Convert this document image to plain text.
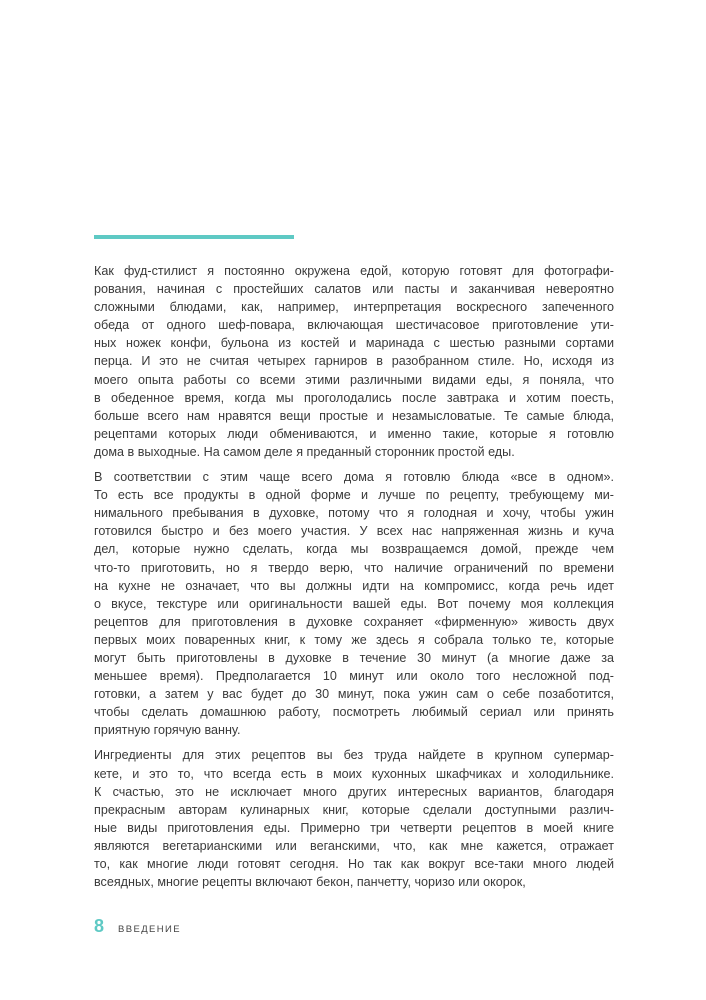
Как фуд-стилист я постоянно окружена едой, которую готовят для фотографи-
рования, начиная с простейших салатов или пасты и заканчивая невероятно
сложными блюдами, как, например, интерпретация воскресного запеченного
обеда от одного шеф-повара, включающая шестичасовое приготовление ути-
ных ножек конфи, бульона из костей и маринада с шестью разными сортами
перца. И это не считая четырех гарниров в разобранном стиле. Но, исходя из
моего опыта работы со всеми этими различными видами еды, я поняла, что
в обеденное время, когда мы проголодались после завтрака и хотим поесть,
больше всего нам нравятся вещи простые и незамысловатые. Те самые блюда,
рецептами которых люди обмениваются, и именно такие, которые я готовлю
дома в выходные. На самом деле я преданный сторонник простой еды.
В соответствии с этим чаще всего дома я готовлю блюда «все в одном».
То есть все продукты в одной форме и лучше по рецепту, требующему ми-
нимального пребывания в духовке, потому что я голодная и хочу, чтобы ужин
готовился быстро и без моего участия. У всех нас напряженная жизнь и куча
дел, которые нужно сделать, когда мы возвращаемся домой, прежде чем
что-то приготовить, но я твердо верю, что наличие ограничений по времени
на кухне не означает, что вы должны идти на компромисс, когда речь идет
о вкусе, текстуре или оригинальности вашей еды. Вот почему моя коллекция
рецептов для приготовления в духовке сохраняет «фирменную» живость двух
первых моих поваренных книг, к тому же здесь я собрала только те, которые
могут быть приготовлены в духовке в течение 30 минут (а многие даже за
меньшее время). Предполагается 10 минут или около того несложной под-
готовки, а затем у вас будет до 30 минут, пока ужин сам о себе позаботится,
чтобы сделать домашнюю работу, посмотреть любимый сериал или принять
приятную горячую ванну.
Ингредиенты для этих рецептов вы без труда найдете в крупном супермар-
кете, и это то, что всегда есть в моих кухонных шкафчиках и холодильнике.
К счастью, это не исключает много других интересных вариантов, благодаря
прекрасным авторам кулинарных книг, которые сделали доступными различ-
ные виды приготовления еды. Примерно три четверти рецептов в моей книге
являются вегетарианскими или веганскими, что, как мне кажется, отражает
то, как многие люди готовят сегодня. Но так как вокруг все-таки много людей
всеядных, многие рецепты включают бекон, панчетту, чоризо или окорок,
8 ВВЕДЕНИЕ
